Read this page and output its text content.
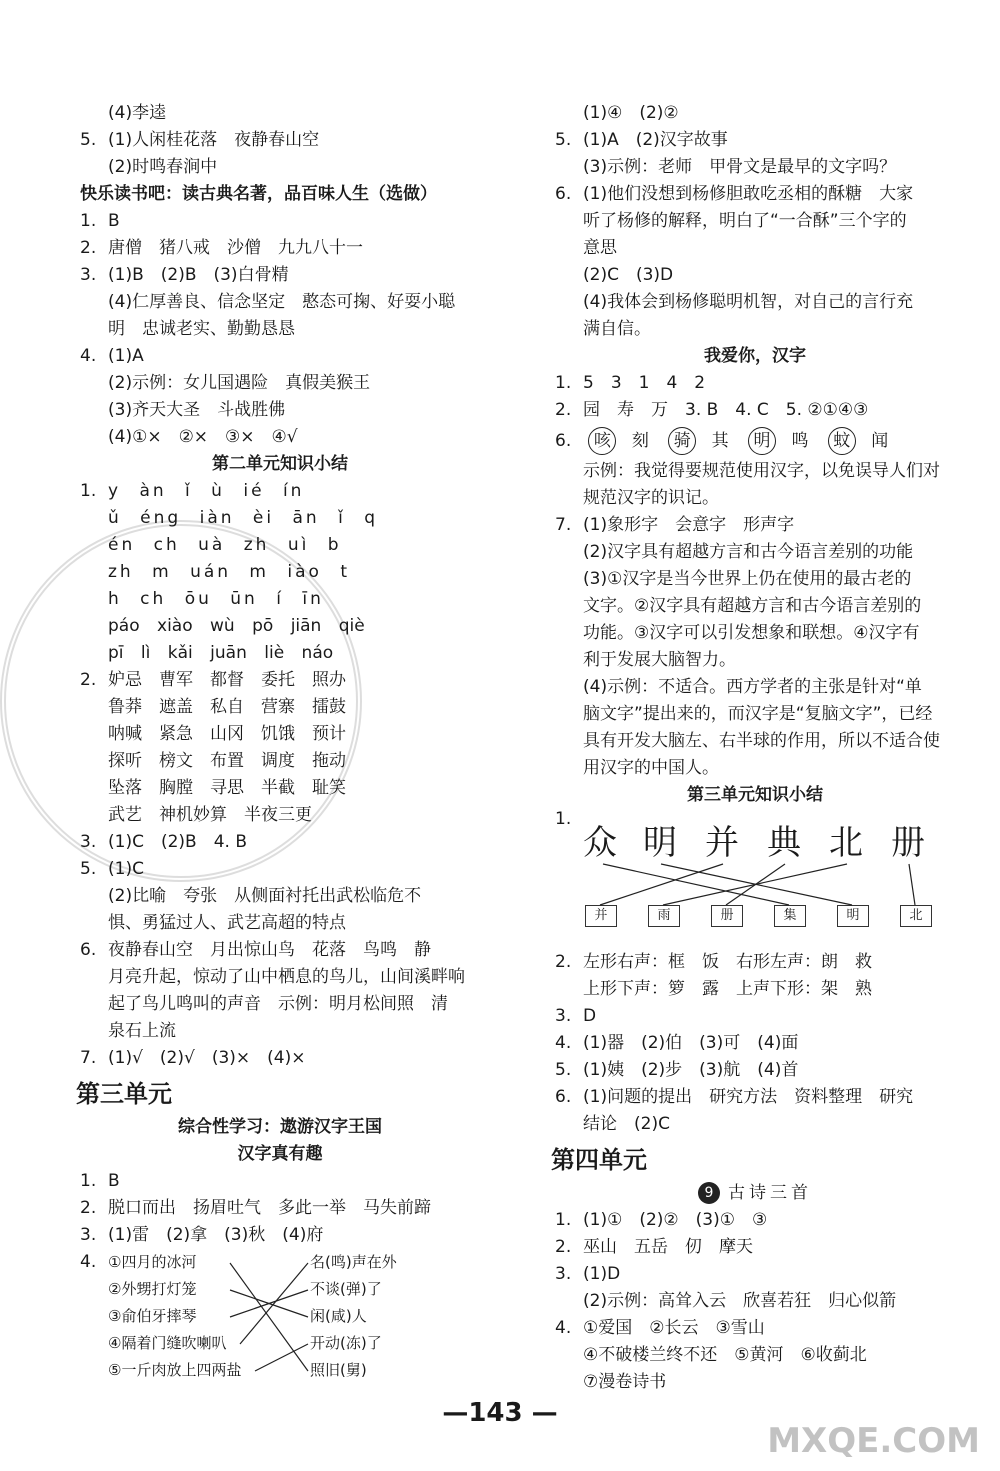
(4)李逵
5. (1)人闲桂花落　夜静春山空
(2)时鸣春涧中
快乐读书吧：读古典名著，品百味人生（选做）
1. B
2. 唐僧　猪八戒　沙僧　九九八十一
3. (1)B　(2)B　(3)白骨精
(4)仁厚善良、信念坚定　憨态可掬、好耍小聪
明　忠诚老实、勤勤恳恳
4. (1)A
(2)示例：女儿国遇险　真假美猴王
(3)齐天大圣　斗战胜佛
(4)①×　②×　③×　④√
第二单元知识小结
1. y àn ǐ ù ié ín
ǔ éng iàn èi ān ǐ q
én ch uà zh uì b
zh m uán m iào t
h ch ōu ūn í īn
páo xiào wù pō jiān qiè
pī lì kǎi juān liè náo
2. 妒忌　曹军　都督　委托　照办
鲁莽　遮盖　私自　营寨　擂鼓
呐喊　紧急　山冈　饥饿　预计
探听　榜文　布置　调度　拖动
坠落　胸膛　寻思　半截　耻笑
武艺　神机妙算　半夜三更
3. (1)C　(2)B　4. B
5. (1)C
(2)比喻　夸张　从侧面衬托出武松临危不
惧、勇猛过人、武艺高超的特点
6. 夜静春山空　月出惊山鸟　花落　鸟鸣　静
月亮升起，惊动了山中栖息的鸟儿，山间溪畔响
起了鸟儿鸣叫的声音　示例：明月松间照　清
泉石上流
7. (1)√　(2)√　(3)×　(4)×
第三单元
综合性学习：遨游汉字王国
汉字真有趣
1. B
2. 脱口而出　扬眉吐气　多此一举　马失前蹄
3. (1)雷　(2)拿　(3)秋　(4)府
4. ①四月的冰河
②外甥打灯笼
③俞伯牙摔琴
④隔着门缝吹喇叭
⑤一斤肉放上四两盐
名(鸣)声在外
不谈(弹)了
闲(咸)人
开动(冻)了
照旧(舅)
(1)④　(2)②
5. (1)A　(2)汉字故事
(3)示例：老师　甲骨文是最早的文字吗？
6. (1)他们没想到杨修胆敢吃丞相的酥糖　大家
听了杨修的解释，明白了“一合酥”三个字的
意思
(2)C　(3)D
(4)我体会到杨修聪明机智，对自己的言行充
满自信。
我爱你，汉字
1. 5　3　1　4　2
2. 园　寿　万　3. B　4. C　5. ②①④③
6. 咳 刻 骑 其 明 鸣 蚊 闻
示例：我觉得要规范使用汉字，以免误导人们对
规范汉字的识记。
7. (1)象形字　会意字　形声字
(2)汉字具有超越方言和古今语言差别的功能
(3)①汉字是当今世界上仍在使用的最古老的
文字。②汉字具有超越方言和古今语言差别的
功能。③汉字可以引发想象和联想。④汉字有
利于发展大脑智力。
(4)示例：不适合。西方学者的主张是针对“单
脑文字”提出来的，而汉字是“复脑文字”，已经
具有开发大脑左、右半球的作用，所以不适合使
用汉字的中国人。
第三单元知识小结
1.
众 明 并 典 北 册
并	雨	册	集	明	北
2. 左形右声：框　饭　右形左声：朗　救
上形下声：箩　露　上声下形：架　熟
3. D
4. (1)器　(2)伯　(3)可　(4)面
5. (1)姨　(2)步　(3)航　(4)首
6. (1)问题的提出　研究方法　资料整理　研究
结论　(2)C
第四单元
9 古诗三首
1. (1)①　(2)②　(3)①　③
2. 巫山　五岳　仞　摩天
3. (1)D
(2)示例：高耸入云　欣喜若狂　归心似箭
4. ①爱国　②长云　③雪山
④不破楼兰终不还　⑤黄河　⑥收蓟北
⑦漫卷诗书
—143 —
MXQE.COM
